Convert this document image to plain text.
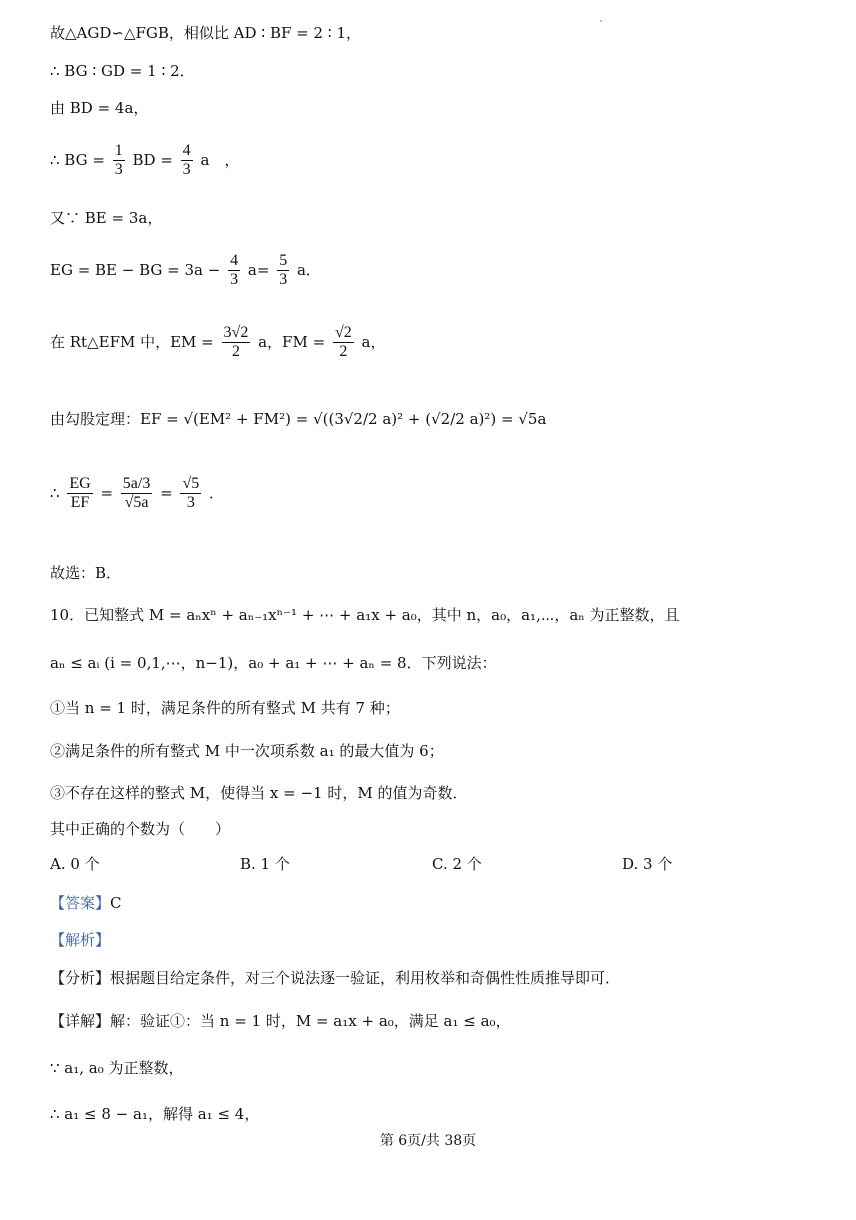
故△AGD∽△FGB，相似比 AD ∶ BF = 2 ∶ 1，
∴ BG ∶ GD = 1 ∶ 2．
由 BD = 4a，
∴ BG = $\frac{1}{3}$ BD = $\frac{4}{3}$ a　，
又∵ BE = 3a，
EG = BE − BG = $3a - \frac{4}{3} a= \frac{5}{3}$ a．
在 Rt△EFM 中，EM = $\frac{3√2}{2}$ a，FM = $\frac{√2}{2}$ a，
由勾股定理：EF = √(EM² + FM²) = √((3√2/2 a)² + (√2/2 a)²) = √5a
∴ $\frac{EG}{EF} = \frac{5a/3}{√5a} = \frac{√5}{3}$ ．
故选：B．
10．已知整式 M = aₙxⁿ + aₙ₋₁xⁿ⁻¹ + ⋯ + a₁x + a₀，其中 n，a₀，a₁,⋯，aₙ 为正整数，且
aₙ ≤ aᵢ (i = 0,1,⋯，n−1)，a₀ + a₁ + ⋯ + aₙ = 8．下列说法：
①当 n = 1 时，满足条件的所有整式 M 共有 7 种；
②满足条件的所有整式 M 中一次项系数 a₁ 的最大值为 6；
③不存在这样的整式 M，使得当 x = −1 时，M 的值为奇数．
其中正确的个数为（　　）
A. 0 个	B. 1 个	C. 2 个	D. 3 个
【答案】C
【解析】
【分析】根据题目给定条件，对三个说法逐一验证，利用枚举和奇偶性性质推导即可．
【详解】解：验证①：当 n = 1 时，M = a₁x + a₀，满足 a₁ ≤ a₀，
∵ a₁, a₀ 为正整数，
∴ a₁ ≤ 8 − a₁，解得 a₁ ≤ 4，
第 6页/共 38页
